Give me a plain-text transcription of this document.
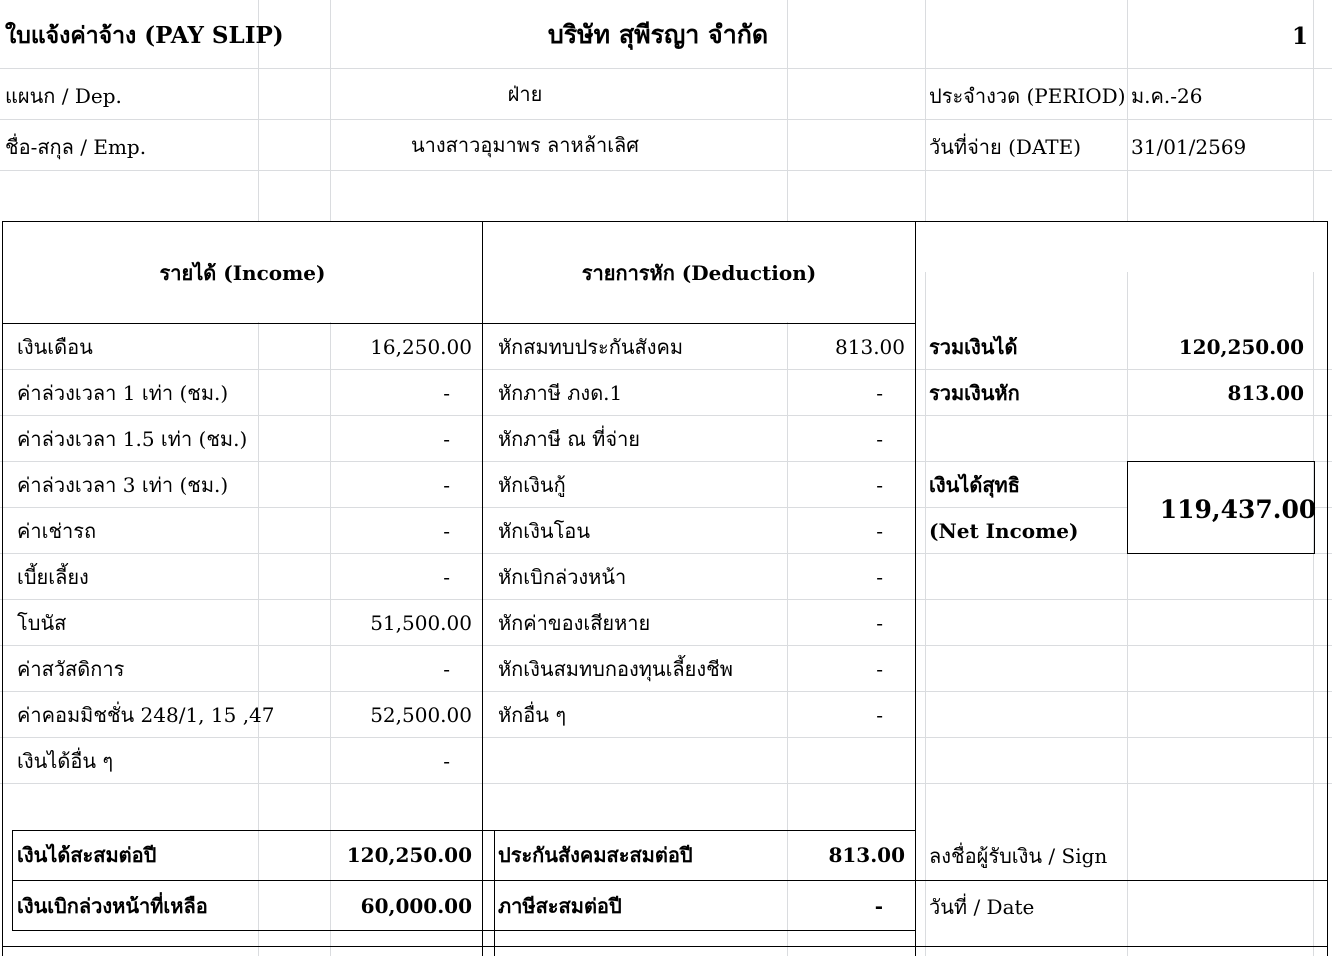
ใบแจ้งค่าจ้าง (PAY SLIP)	บริษัท สุพีรญา จำกัด	1
แผนก / Dep.	ฝ่าย	ประจำงวด (PERIOD) ม.ค.-26
ชื่อ-สกุล / Emp.	นางสาวอุมาพร ลาหล้าเลิศ	วันที่จ่าย (DATE) 31/01/2569
รายได้ (Income)	รายการหัก (Deduction)
เงินเดือน	16,250.00
ค่าล่วงเวลา 1 เท่า (ชม.)	-
ค่าล่วงเวลา 1.5 เท่า (ชม.)	-
ค่าล่วงเวลา 3 เท่า (ชม.)	-
ค่าเช่ารถ	-
เบี้ยเลี้ยง	-
โบนัส	51,500.00
ค่าสวัสดิการ	-
ค่าคอมมิชชั่น 248/1, 15 ,47	52,500.00
เงินได้อื่น ๆ	-
หักสมทบประกันสังคม	813.00
หักภาษี ภงด.1	-
หักภาษี ณ ที่จ่าย	-
หักเงินกู้	-
หักเงินโอน	-
หักเบิกล่วงหน้า	-
หักค่าของเสียหาย	-
หักเงินสมทบกองทุนเลี้ยงชีพ	-
หักอื่น ๆ	-
รวมเงินได้	120,250.00
รวมเงินหัก	813.00
เงินได้สุทธิ
(Net Income)
119,437.00
เงินได้สะสมต่อปี	120,250.00
เงินเบิกล่วงหน้าที่เหลือ	60,000.00
ประกันสังคมสะสมต่อปี	813.00
ภาษีสะสมต่อปี	-
ลงชื่อผู้รับเงิน / Sign
วันที่ / Date
